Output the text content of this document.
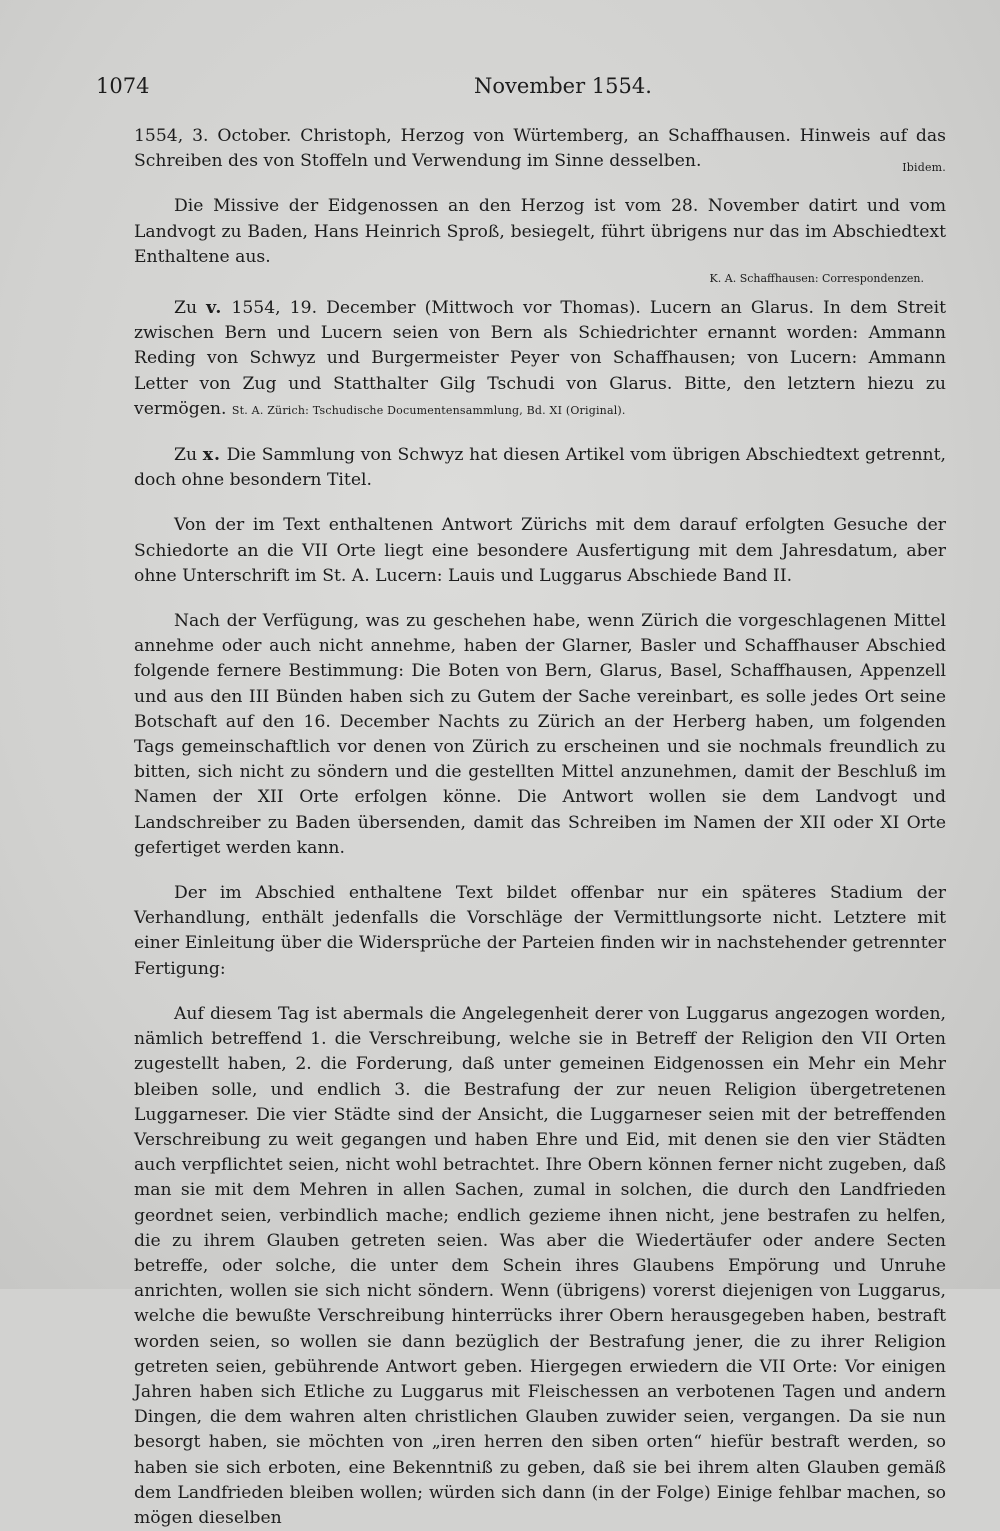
1074	November 1554.

1554, 3. October. Christoph, Herzog von Würtemberg, an Schaffhausen. Hinweis auf das Schreiben des von Stoffeln und Verwendung im Sinne desselben.	Ibidem.

Die Missive der Eidgenossen an den Herzog ist vom 28. November datirt und vom Landvogt zu Baden, Hans Heinrich Sproß, besiegelt, führt übrigens nur das im Abschiedtext Enthaltene aus.

K. A. Schaffhausen: Correspondenzen.

Zu v. 1554, 19. December (Mittwoch vor Thomas). Lucern an Glarus. In dem Streit zwischen Bern und Lucern seien von Bern als Schiedrichter ernannt worden: Ammann Reding von Schwyz und Burgermeister Peyer von Schaffhausen; von Lucern: Ammann Letter von Zug und Statthalter Gilg Tschudi von Glarus. Bitte, den letztern hiezu zu vermögen. St. A. Zürich: Tschudische Documentensammlung, Bd. XI (Original).

Zu x. Die Sammlung von Schwyz hat diesen Artikel vom übrigen Abschiedtext getrennt, doch ohne besondern Titel.

Von der im Text enthaltenen Antwort Zürichs mit dem darauf erfolgten Gesuche der Schiedorte an die VII Orte liegt eine besondere Ausfertigung mit dem Jahresdatum, aber ohne Unterschrift im St. A. Lucern: Lauis und Luggarus Abschiede Band II.

Nach der Verfügung, was zu geschehen habe, wenn Zürich die vorgeschlagenen Mittel annehme oder auch nicht annehme, haben der Glarner, Basler und Schaffhauser Abschied folgende fernere Bestimmung: Die Boten von Bern, Glarus, Basel, Schaffhausen, Appenzell und aus den III Bünden haben sich zu Gutem der Sache vereinbart, es solle jedes Ort seine Botschaft auf den 16. December Nachts zu Zürich an der Herberg haben, um folgenden Tags gemeinschaftlich vor denen von Zürich zu erscheinen und sie nochmals freundlich zu bitten, sich nicht zu söndern und die gestellten Mittel anzunehmen, damit der Beschluß im Namen der XII Orte erfolgen könne. Die Antwort wollen sie dem Landvogt und Landschreiber zu Baden übersenden, damit das Schreiben im Namen der XII oder XI Orte gefertiget werden kann.

Der im Abschied enthaltene Text bildet offenbar nur ein späteres Stadium der Verhandlung, enthält jedenfalls die Vorschläge der Vermittlungsorte nicht. Letztere mit einer Einleitung über die Widersprüche der Parteien finden wir in nachstehender getrennter Fertigung:

Auf diesem Tag ist abermals die Angelegenheit derer von Luggarus angezogen worden, nämlich betreffend 1. die Verschreibung, welche sie in Betreff der Religion den VII Orten zugestellt haben, 2. die Forderung, daß unter gemeinen Eidgenossen ein Mehr ein Mehr bleiben solle, und endlich 3. die Bestrafung der zur neuen Religion übergetretenen Luggarneser. Die vier Städte sind der Ansicht, die Luggarneser seien mit der betreffenden Verschreibung zu weit gegangen und haben Ehre und Eid, mit denen sie den vier Städten auch verpflichtet seien, nicht wohl betrachtet. Ihre Obern können ferner nicht zugeben, daß man sie mit dem Mehren in allen Sachen, zumal in solchen, die durch den Landfrieden geordnet seien, verbindlich mache; endlich gezieme ihnen nicht, jene bestrafen zu helfen, die zu ihrem Glauben getreten seien. Was aber die Wiedertäufer oder andere Secten betreffe, oder solche, die unter dem Schein ihres Glaubens Empörung und Unruhe anrichten, wollen sie sich nicht söndern. Wenn (übrigens) vorerst diejenigen von Luggarus, welche die bewußte Verschreibung hinterrücks ihrer Obern herausgegeben haben, bestraft worden seien, so wollen sie dann bezüglich der Bestrafung jener, die zu ihrer Religion getreten seien, gebührende Antwort geben. Hiergegen erwiedern die VII Orte: Vor einigen Jahren haben sich Etliche zu Luggarus mit Fleischessen an verbotenen Tagen und andern Dingen, die dem wahren alten christlichen Glauben zuwider seien, vergangen. Da sie nun besorgt haben, sie möchten von „iren herren den siben orten“ hiefür bestraft werden, so haben sie sich erboten, eine Bekenntniß zu geben, daß sie bei ihrem alten Glauben gemäß dem Landfrieden bleiben wollen; würden sich dann (in der Folge) Einige fehlbar machen, so mögen dieselben
